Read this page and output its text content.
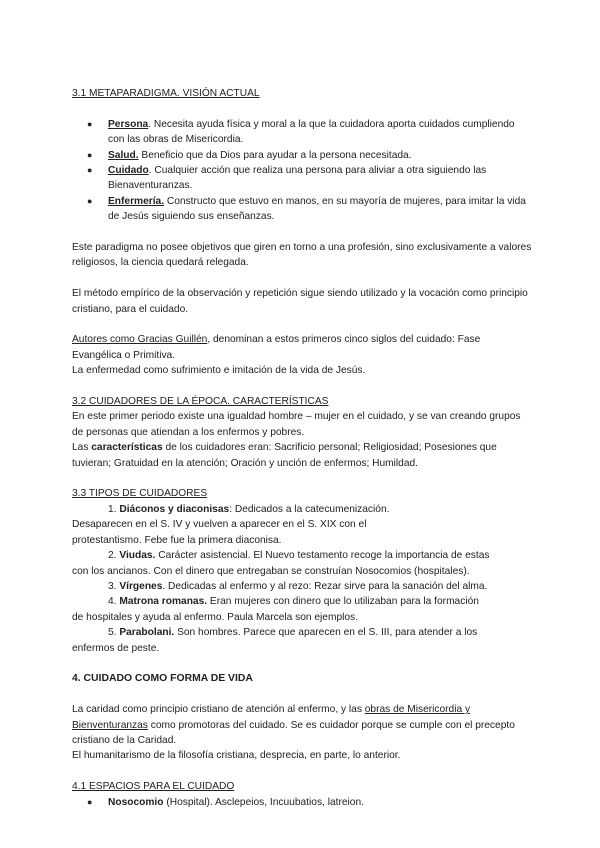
3.1 METAPARADIGMA. VISIÓN ACTUAL

● Persona. Necesita ayuda física y moral a la que la cuidadora aporta cuidados cumpliendo con las obras de Misericordia.
● Salud. Beneficio que da Dios para ayudar a la persona necesitada.
● Cuidado. Cualquier acción que realiza una persona para aliviar a otra siguiendo las Bienaventuranzas.
● Enfermería. Constructo que estuvo en manos, en su mayoría de mujeres, para imitar la vida de Jesús siguiendo sus enseñanzas.

Este paradigma no posee objetivos que giren en torno a una profesión, sino exclusivamente a valores religiosos, la ciencia quedará relegada.

El método empírico de la observación y repetición sigue siendo utilizado y la vocación como principio cristiano, para el cuidado.

Autores como Gracias Guillén, denominan a estos primeros cinco siglos del cuidado: Fase Evangélica o Primitiva.

La enfermedad como sufrimiento e imitación de la vida de Jesús.

3.2 CUIDADORES DE LA ÉPOCA. CARACTERÍSTICAS

En este primer periodo existe una igualdad hombre – mujer en el cuidado, y se van creando grupos de personas que atiendan a los enfermos y pobres.

Las características de los cuidadores eran: Sacrificio personal; Religiosidad; Posesiones que tuvieran; Gratuidad en la atención; Oración y unción de enfermos; Humildad.

3.3 TIPOS DE CUIDADORES

1. Diáconos y diaconisas: Dedicados a la catecumenización.

Desaparecen en el S. IV y vuelven a aparecer en el S. XIX con el

protestantismo. Febe fue la primera diaconisa.

2. Viudas. Carácter asistencial. El Nuevo testamento recoge la importancia de estas

con los ancianos. Con el dinero que entregaban se construían Nosocomios (hospitales).

3. Vírgenes. Dedicadas al enfermo y al rezo: Rezar sirve para la sanación del alma.

4. Matrona romanas. Eran mujeres con dinero que lo utilizaban para la formación

de hospitales y ayuda al enfermo. Paula Marcela son ejemplos.

5. Parabolani. Son hombres. Parece que aparecen en el S. III, para atender a los

enfermos de peste.

4. CUIDADO COMO FORMA DE VIDA

La caridad como principio cristiano de atención al enfermo, y las obras de Misericordia y Bienventuranzas como promotoras del cuidado. Se es cuidador porque se cumple con el precepto cristiano de la Caridad.

El humanitarismo de la filosofía cristiana, desprecia, en parte, lo anterior.

4.1 ESPACIOS PARA EL CUIDADO

● Nosocomio (Hospital). Asclepeios, Incuubatios, latreion.
